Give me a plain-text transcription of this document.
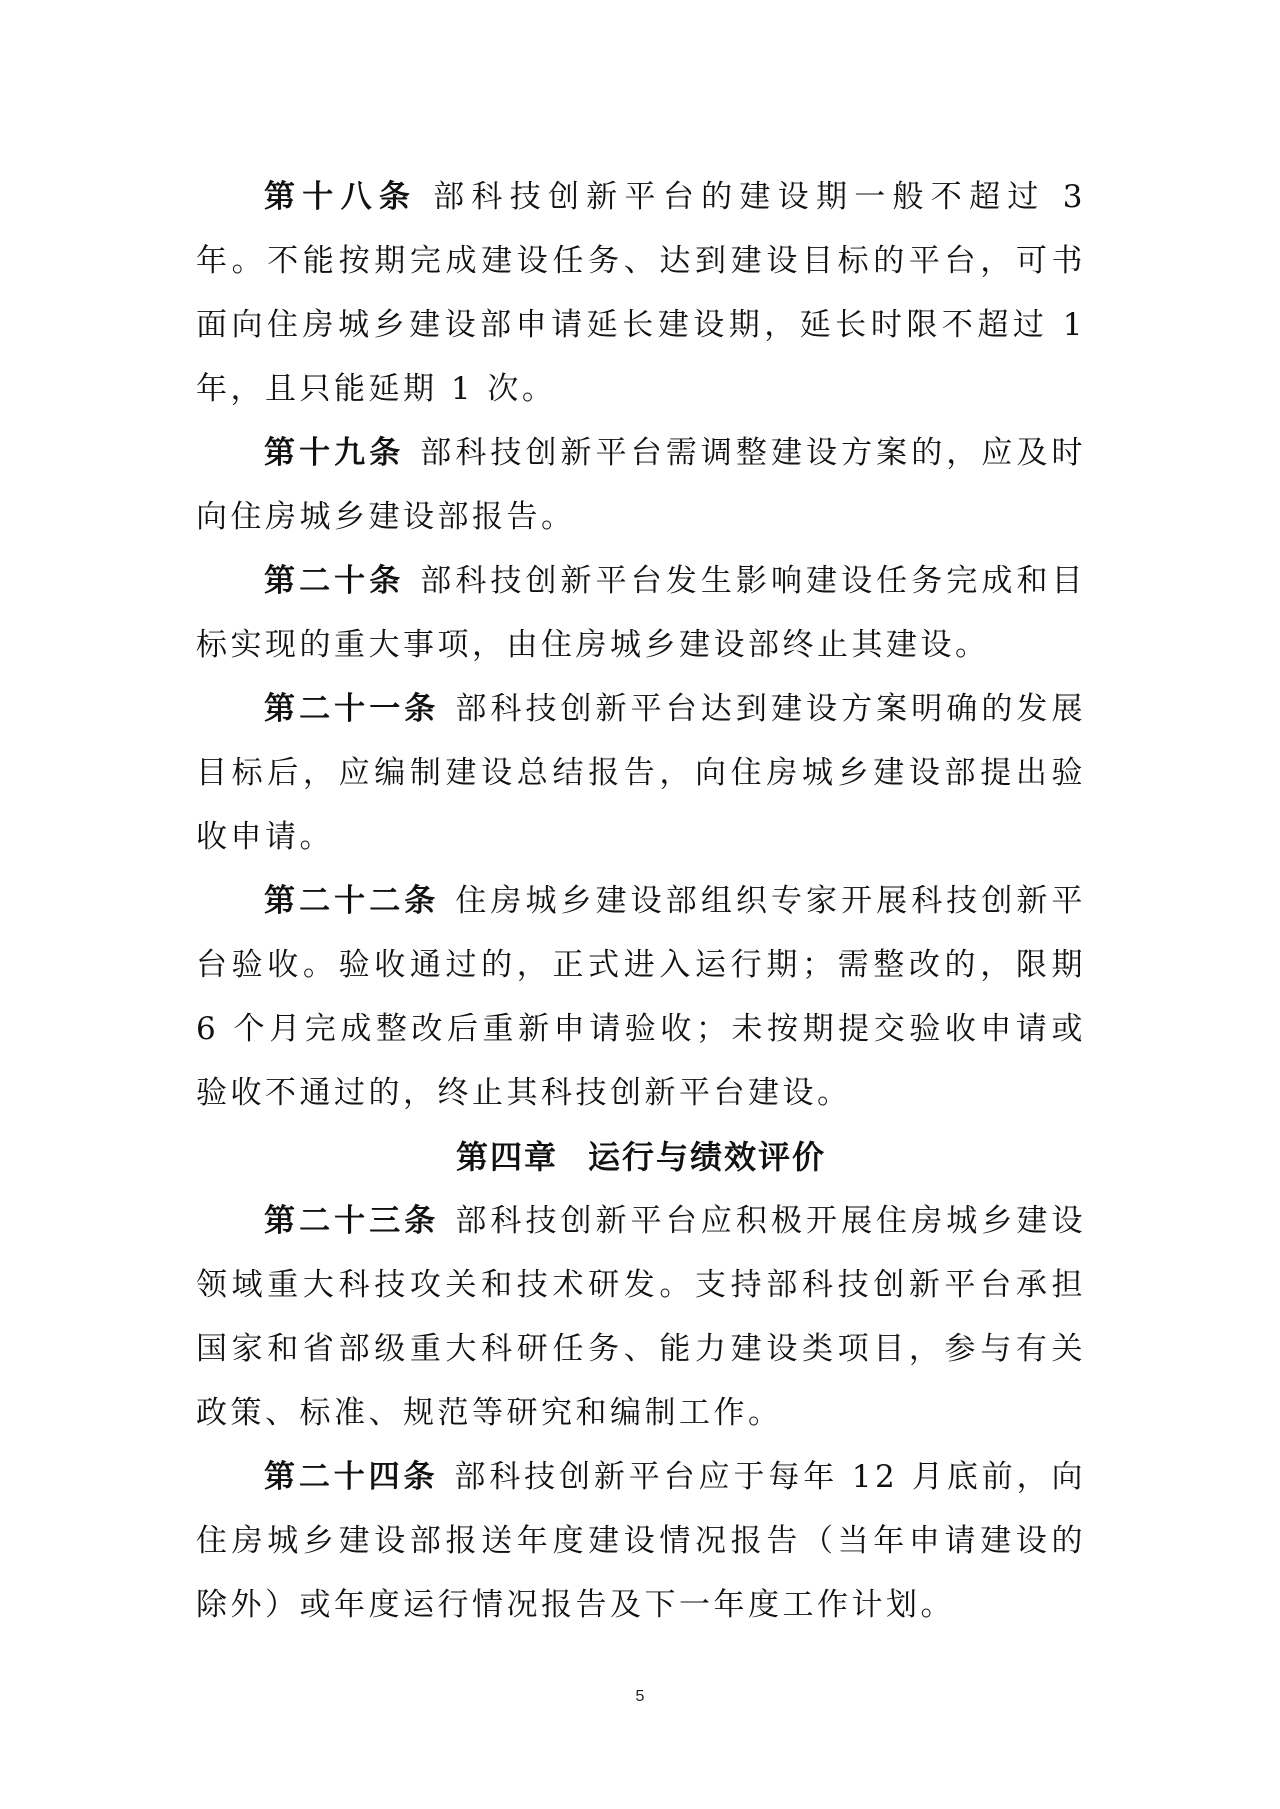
第十八条 部科技创新平台的建设期一般不超过 3 年。不能按期完成建设任务、达到建设目标的平台，可书面向住房城乡建设部申请延长建设期，延长时限不超过 1 年，且只能延期 1 次。

第十九条 部科技创新平台需调整建设方案的，应及时向住房城乡建设部报告。

第二十条 部科技创新平台发生影响建设任务完成和目标实现的重大事项，由住房城乡建设部终止其建设。

第二十一条 部科技创新平台达到建设方案明确的发展目标后，应编制建设总结报告，向住房城乡建设部提出验收申请。

第二十二条 住房城乡建设部组织专家开展科技创新平台验收。验收通过的，正式进入运行期；需整改的，限期 6 个月完成整改后重新申请验收；未按期提交验收申请或验收不通过的，终止其科技创新平台建设。

第四章 运行与绩效评价

第二十三条 部科技创新平台应积极开展住房城乡建设领域重大科技攻关和技术研发。支持部科技创新平台承担国家和省部级重大科研任务、能力建设类项目，参与有关政策、标准、规范等研究和编制工作。

第二十四条 部科技创新平台应于每年 12 月底前，向住房城乡建设部报送年度建设情况报告（当年申请建设的除外）或年度运行情况报告及下一年度工作计划。

5
